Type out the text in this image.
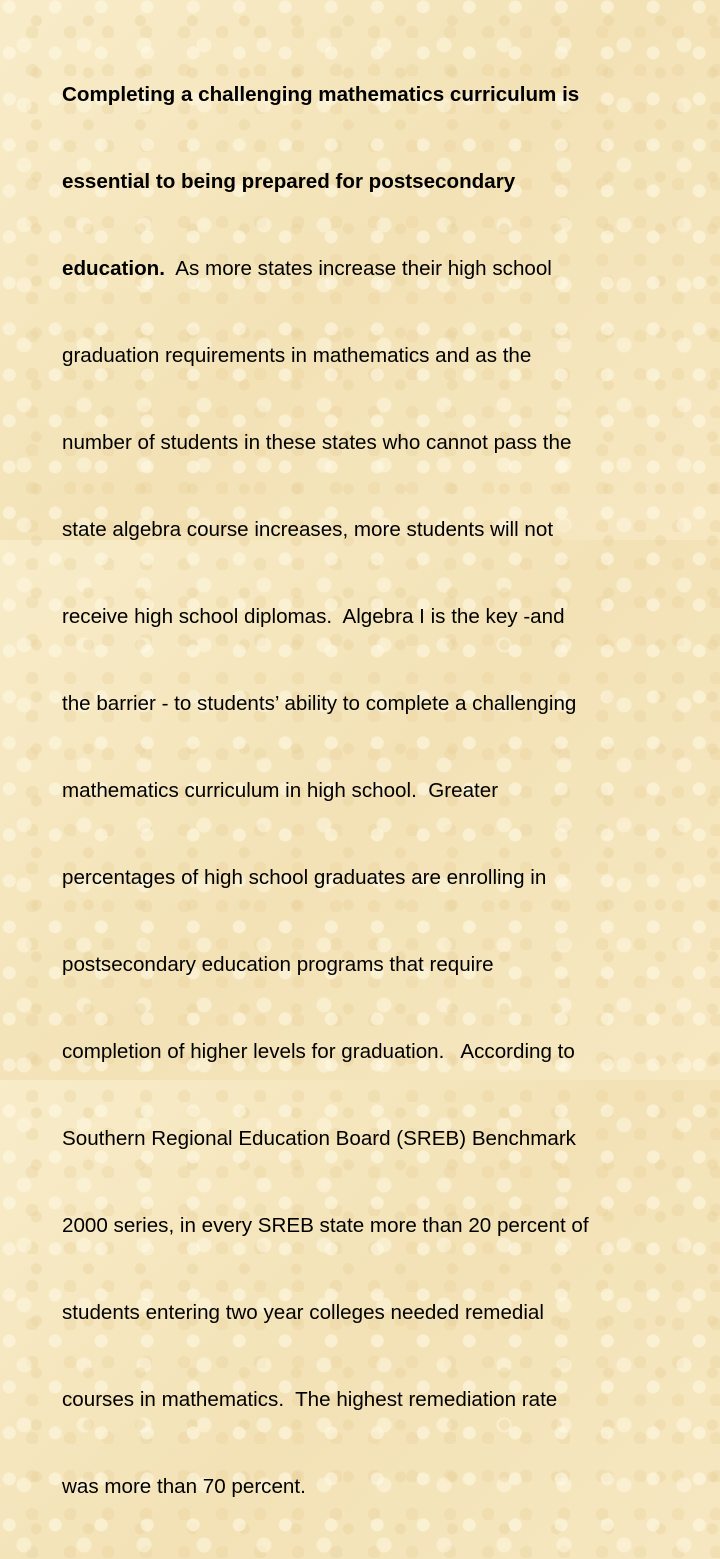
Completing a challenging mathematics curriculum is

essential to being prepared for postsecondary

education.  As more states increase their high school

graduation requirements in mathematics and as the

number of students in these states who cannot pass the

state algebra course increases, more students will not

receive high school diplomas.  Algebra I is the key -and

the barrier - to students’ ability to complete a challenging

mathematics curriculum in high school.  Greater

percentages of high school graduates are enrolling in

postsecondary education programs that require

completion of higher levels for graduation.   According to

Southern Regional Education Board (SREB) Benchmark

2000 series, in every SREB state more than 20 percent of

students entering two year colleges needed remedial

courses in mathematics.  The highest remediation rate

was more than 70 percent.
